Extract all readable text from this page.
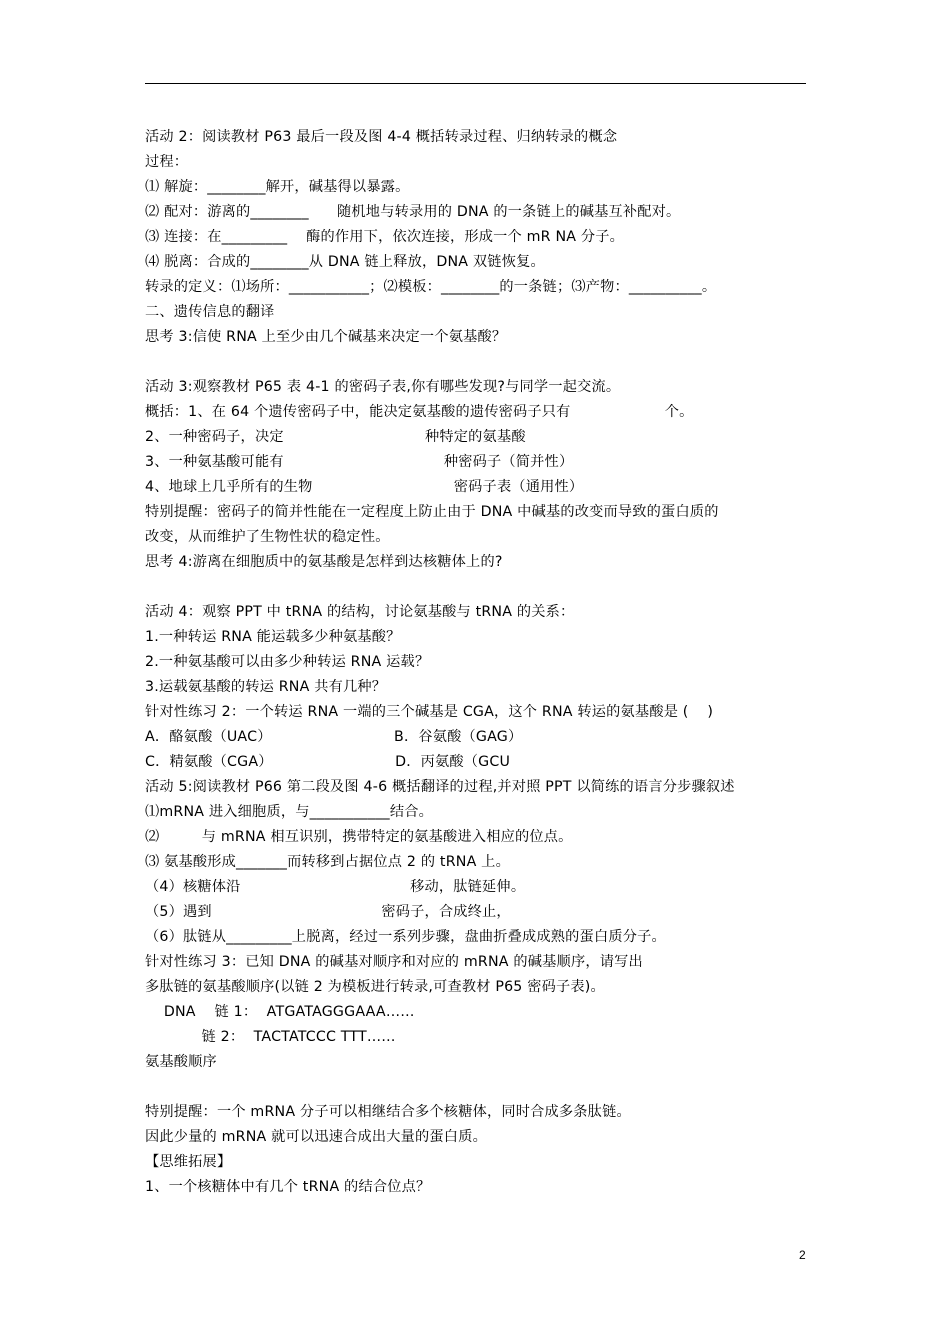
活动 2：阅读教材 P63 最后一段及图 4-4 概括转录过程、归纳转录的概念
过程：
⑴ 解旋：________解开，碱基得以暴露。
⑵ 配对：游离的________      随机地与转录用的 DNA 的一条链上的碱基互补配对。
⑶ 连接：在_________    酶的作用下，依次连接，形成一个 mR NA 分子。
⑷ 脱离：合成的________从 DNA 链上释放，DNA 双链恢复。
转录的定义：⑴场所：___________；⑵模板：________的一条链；⑶产物：__________。
二、遗传信息的翻译
思考 3:信使 RNA 上至少由几个碱基来决定一个氨基酸？
活动 3:观察教材 P65 表 4-1 的密码子表,你有哪些发现?与同学一起交流。
概括：1、在 64 个遗传密码子中，能决定氨基酸的遗传密码子只有                    个。
2、一种密码子，决定                              种特定的氨基酸
3、一种氨基酸可能有                                  种密码子（简并性）
4、地球上几乎所有的生物                              密码子表（通用性）
特别提醒：密码子的简并性能在一定程度上防止由于 DNA 中碱基的改变而导致的蛋白质的
改变，从而维护了生物性状的稳定性。
思考 4:游离在细胞质中的氨基酸是怎样到达核糖体上的?
活动 4：观察 PPT 中 tRNA 的结构，讨论氨基酸与 tRNA 的关系：
1.一种转运 RNA 能运载多少种氨基酸？
2.一种氨基酸可以由多少种转运 RNA 运载？
3.运载氨基酸的转运 RNA 共有几种？
针对性练习 2：一个转运 RNA 一端的三个碱基是 CGA，这个 RNA 转运的氨基酸是 (    )
A．酪氨酸（UAC）                          B．谷氨酸（GAG）
C．精氨酸（CGA）                          D．丙氨酸（GCU
活动 5:阅读教材 P66 第二段及图 4-6 概括翻译的过程,并对照 PPT 以简练的语言分步骤叙述
⑴mRNA 进入细胞质，与___________结合。
⑵         与 mRNA 相互识别，携带特定的氨基酸进入相应的位点。
⑶ 氨基酸形成_______而转移到占据位点 2 的 tRNA 上。
（4）核糖体沿                                    移动，肽链延伸。
（5）遇到                                    密码子，合成终止，
（6）肽链从_________上脱离，经过一系列步骤，盘曲折叠成成熟的蛋白质分子。
针对性练习 3：已知 DNA 的碱基对顺序和对应的 mRNA 的碱基顺序，请写出
多肽链的氨基酸顺序(以链 2 为模板进行转录,可查教材 P65 密码子表)。
DNA    链 1：  ATGATAGGGAAA……
链 2：  TACTATCCC TTT……
氨基酸顺序
特别提醒：一个 mRNA 分子可以相继结合多个核糖体，同时合成多条肽链。
因此少量的 mRNA 就可以迅速合成出大量的蛋白质。
【思维拓展】
1、一个核糖体中有几个 tRNA 的结合位点？
2
